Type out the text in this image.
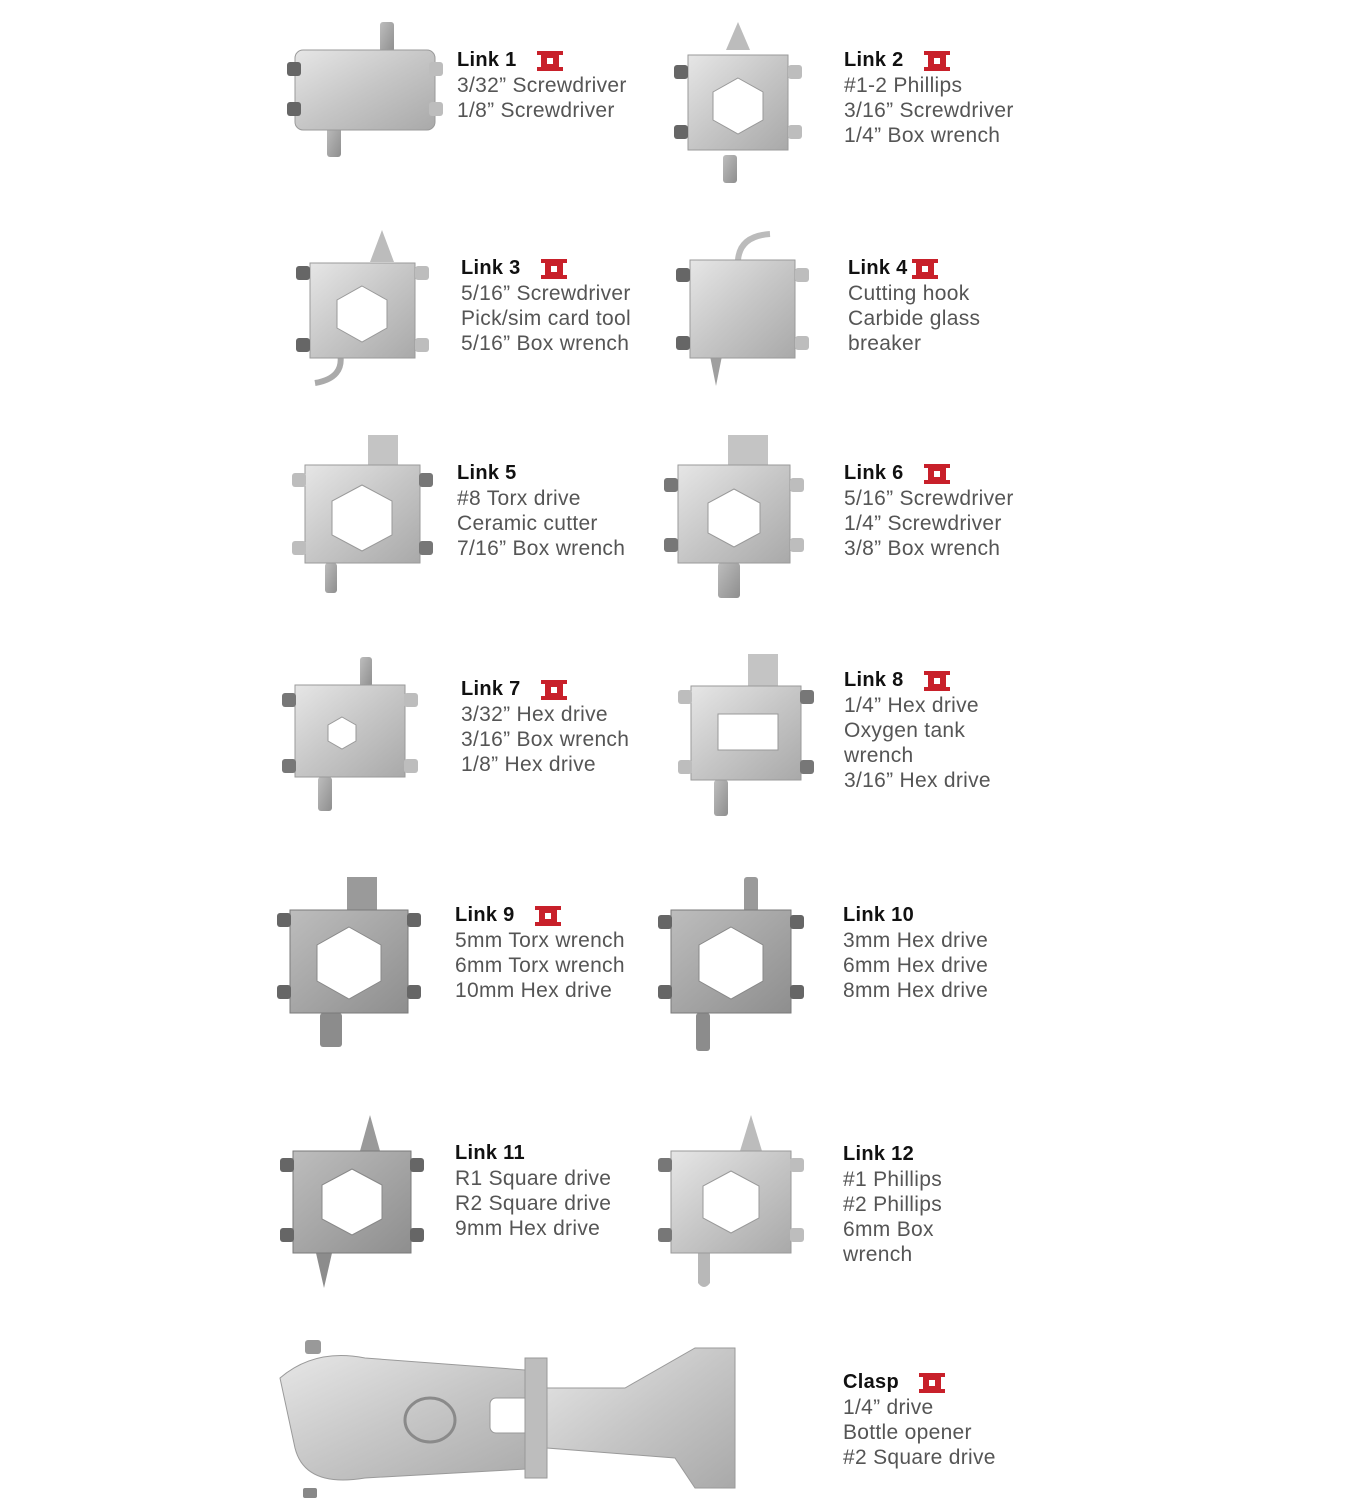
Link 1
3/32” Screwdriver
1/8” Screwdriver
Link 2
#1-2 Phillips
3/16” Screwdriver
1/4” Box wrench
Link 3
5/16” Screwdriver
Pick/sim card tool
5/16” Box wrench
Link 4
Cutting hook
Carbide glass
breaker
Link 5
#8 Torx drive
Ceramic cutter
7/16” Box wrench
Link 6
5/16” Screwdriver
1/4” Screwdriver
3/8” Box wrench
Link 7
3/32” Hex drive
3/16” Box wrench
1/8” Hex drive
Link 8
1/4” Hex drive
Oxygen tank
wrench
3/16” Hex drive
Link 9
5mm Torx wrench
6mm Torx wrench
10mm Hex drive
Link 10
3mm Hex drive
6mm Hex drive
8mm Hex drive
Link 11
R1 Square drive
R2 Square drive
9mm Hex drive
Link 12
#1 Phillips
#2 Phillips
6mm Box
wrench
Clasp
1/4” drive
Bottle opener
#2 Square drive
